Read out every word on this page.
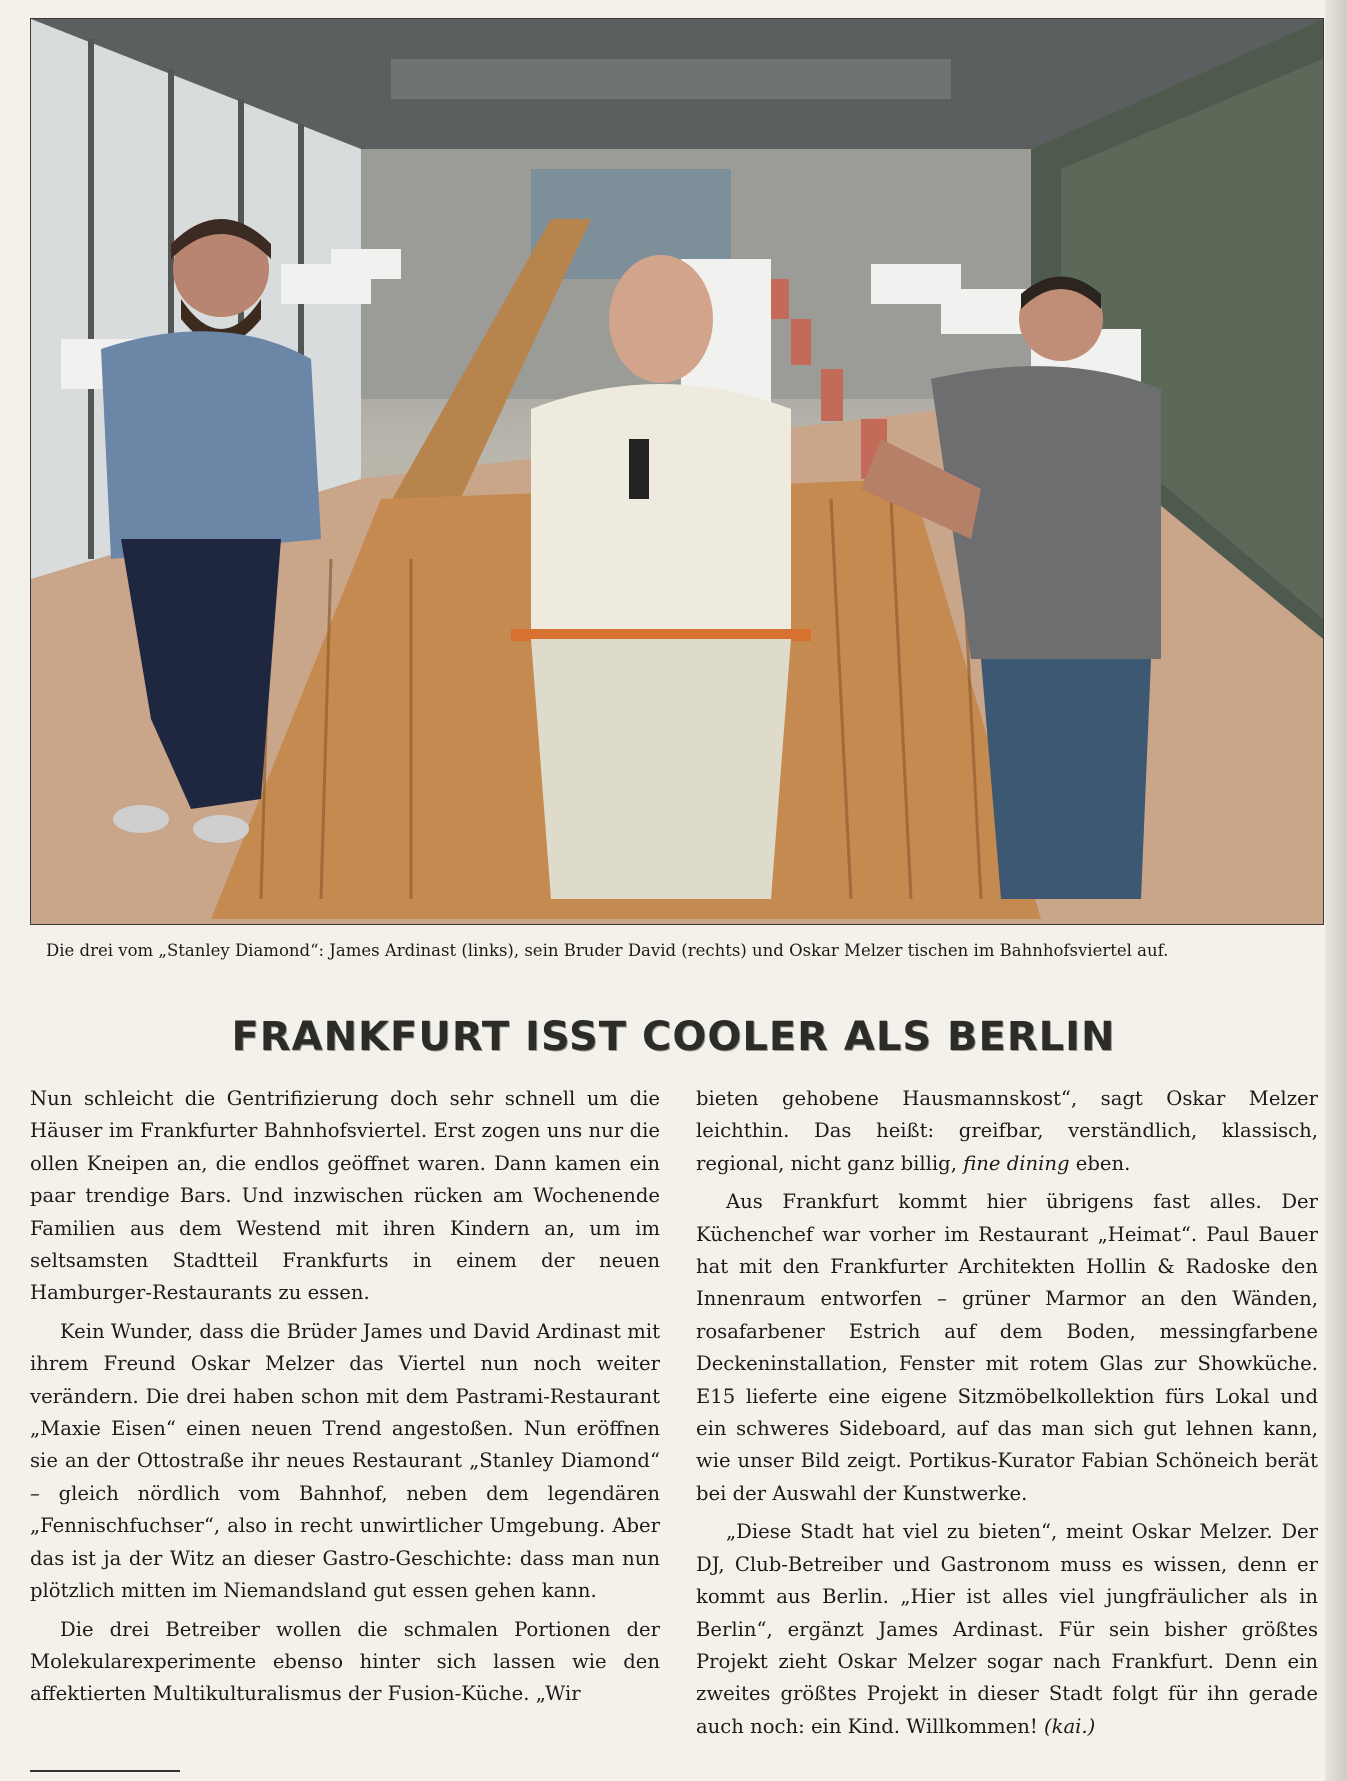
Die drei vom „Stanley Diamond“: James Ardinast (links), sein Bruder David (rechts) und Oskar Melzer tischen im Bahnhofsviertel auf.
FRANKFURT ISST COOLER ALS BERLIN

Nun schleicht die Gentrifizierung doch sehr schnell um die Häuser im Frankfurter Bahnhofsviertel. Erst zogen uns nur die ollen Kneipen an, die endlos geöffnet waren. Dann kamen ein paar trendige Bars. Und inzwischen rücken am Wochenende Familien aus dem Westend mit ihren Kindern an, um im seltsamsten Stadtteil Frankfurts in einem der neuen Hamburger-Restaurants zu essen.

Kein Wunder, dass die Brüder James und David Ardinast mit ihrem Freund Oskar Melzer das Viertel nun noch weiter verändern. Die drei haben schon mit dem Pastrami-Restaurant „Maxie Eisen“ einen neuen Trend angestoßen. Nun eröffnen sie an der Ottostraße ihr neues Restaurant „Stanley Diamond“ – gleich nördlich vom Bahnhof, neben dem legendären „Fennischfuchser“, also in recht unwirtlicher Umgebung. Aber das ist ja der Witz an dieser Gastro-Geschichte: dass man nun plötzlich mitten im Niemandsland gut essen gehen kann.

Die drei Betreiber wollen die schmalen Portionen der Molekularexperimente ebenso hinter sich lassen wie den affektierten Multikulturalismus der Fusion-Küche. „Wir

bieten gehobene Hausmannskost“, sagt Oskar Melzer leichthin. Das heißt: greifbar, verständlich, klassisch, regional, nicht ganz billig, fine dining eben.

Aus Frankfurt kommt hier übrigens fast alles. Der Küchenchef war vorher im Restaurant „Heimat“. Paul Bauer hat mit den Frankfurter Architekten Hollin & Radoske den Innenraum entworfen – grüner Marmor an den Wänden, rosafarbener Estrich auf dem Boden, messingfarbene Deckeninstallation, Fenster mit rotem Glas zur Showküche. E15 lieferte eine eigene Sitzmöbelkollektion fürs Lokal und ein schweres Sideboard, auf das man sich gut lehnen kann, wie unser Bild zeigt. Portikus-Kurator Fabian Schöneich berät bei der Auswahl der Kunstwerke.

„Diese Stadt hat viel zu bieten“, meint Oskar Melzer. Der DJ, Club-Betreiber und Gastronom muss es wissen, denn er kommt aus Berlin. „Hier ist alles viel jungfräulicher als in Berlin“, ergänzt James Ardinast. Für sein bisher größtes Projekt zieht Oskar Melzer sogar nach Frankfurt. Denn ein zweites größtes Projekt in dieser Stadt folgt für ihn gerade auch noch: ein Kind. Willkommen! (kai.)
